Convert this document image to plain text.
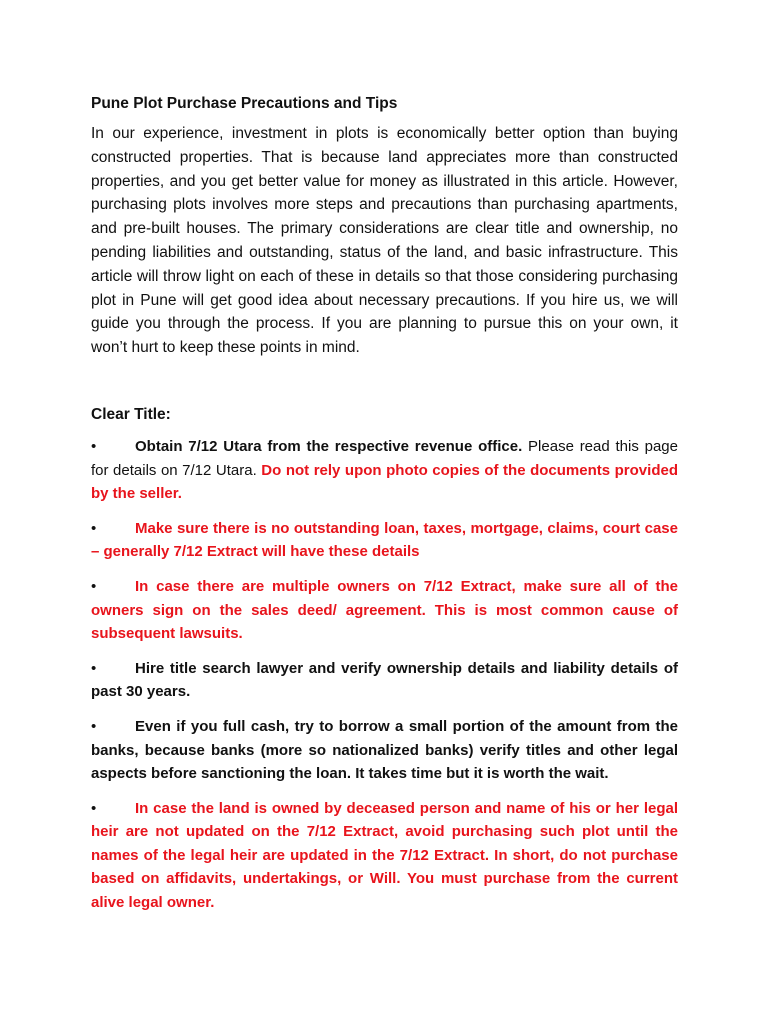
Pune Plot Purchase Precautions and Tips

In our experience, investment in plots is economically better option than buying constructed properties. That is because land appreciates more than constructed properties, and you get better value for money as illustrated in this article. However, purchasing plots involves more steps and precautions than purchasing apartments, and pre-built houses. The primary considerations are clear title and ownership, no pending liabilities and outstanding, status of the land, and basic infrastructure. This article will throw light on each of these in details so that those considering purchasing plot in Pune will get good idea about necessary precautions. If you hire us, we will guide you through the process. If you are planning to pursue this on your own, it won’t hurt to keep these points in mind.

Clear Title:
•	Obtain 7/12 Utara from the respective revenue office. Please read this page for details on 7/12 Utara. Do not rely upon photo copies of the documents provided by the seller.
•	Make sure there is no outstanding loan, taxes, mortgage, claims, court case – generally 7/12 Extract will have these details
•	In case there are multiple owners on 7/12 Extract, make sure all of the owners sign on the sales deed/ agreement. This is most common cause of subsequent lawsuits.
•	Hire title search lawyer and verify ownership details and liability details of past 30 years.
•	Even if you full cash, try to borrow a small portion of the amount from the banks, because banks (more so nationalized banks) verify titles and other legal aspects before sanctioning the loan. It takes time but it is worth the wait.
•	In case the land is owned by deceased person and name of his or her legal heir are not updated on the 7/12 Extract, avoid purchasing such plot until the names of the legal heir are updated in the 7/12 Extract. In short, do not purchase based on affidavits, undertakings, or Will. You must purchase from the current alive legal owner.
